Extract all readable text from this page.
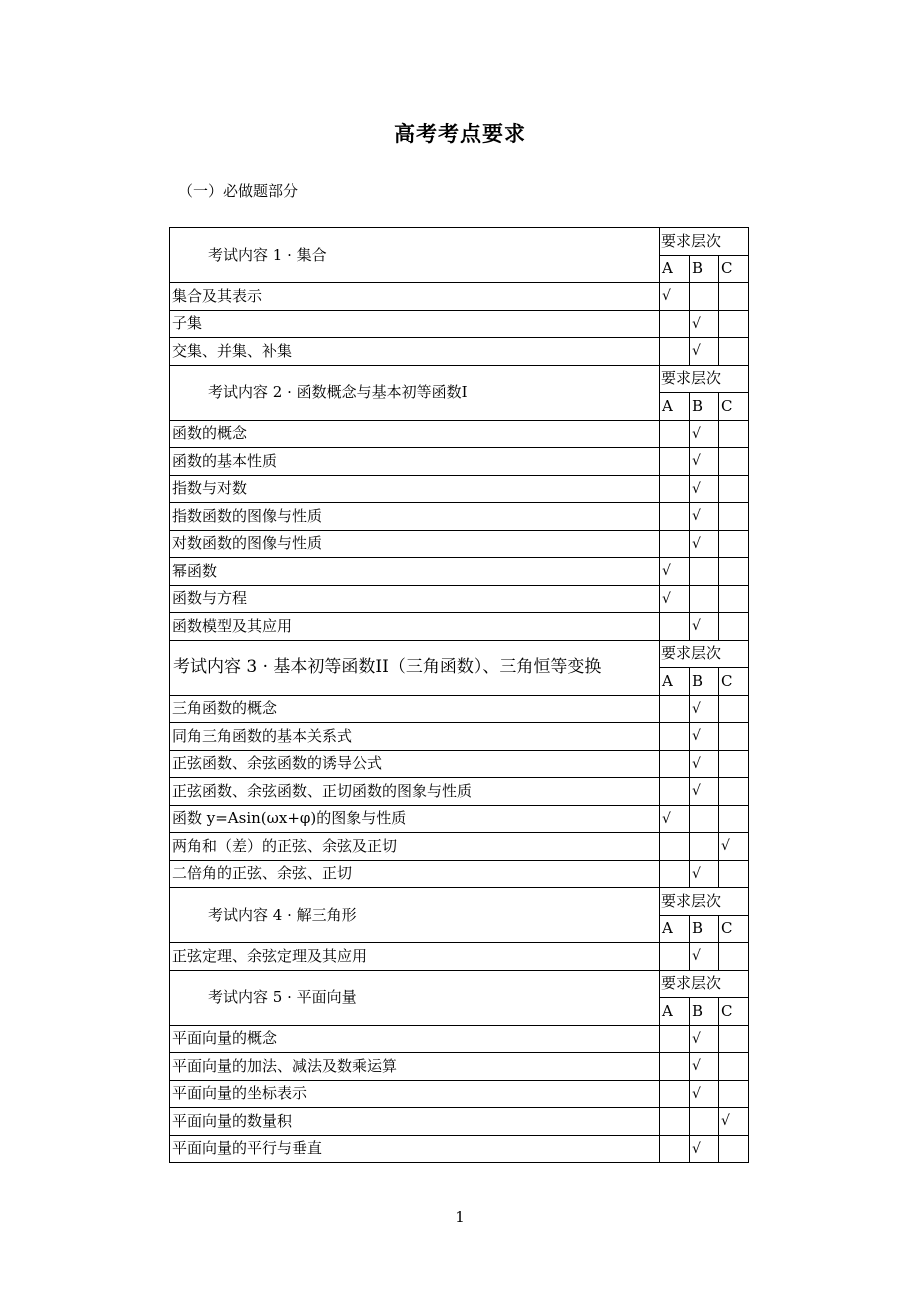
高考考点要求
（一）必做题部分
考试内容 1 · 集合	要求层次		
	A	B	C
集合及其表示	√		
子集		√	
交集、并集、补集		√	
考试内容 2 · 函数概念与基本初等函数I	要求层次		
	A	B	C
函数的概念		√	
函数的基本性质		√	
指数与对数		√	
指数函数的图像与性质		√	
对数函数的图像与性质		√	
幂函数	√		
函数与方程	√		
函数模型及其应用		√	
考试内容 3 · 基本初等函数II（三角函数）、三角恒等变换	要求层次		
	A	B	C
三角函数的概念		√	
同角三角函数的基本关系式		√	
正弦函数、余弦函数的诱导公式		√	
正弦函数、余弦函数、正切函数的图象与性质		√	
函数 y=Asin(ωx+φ)的图象与性质	√		
两角和（差）的正弦、余弦及正切			√
二倍角的正弦、余弦、正切		√	
考试内容 4 · 解三角形	要求层次		
	A	B	C
正弦定理、余弦定理及其应用		√	
考试内容 5 · 平面向量	要求层次		
	A	B	C
平面向量的概念		√	
平面向量的加法、减法及数乘运算		√	
平面向量的坐标表示		√	
平面向量的数量积			√
平面向量的平行与垂直		√	
1
